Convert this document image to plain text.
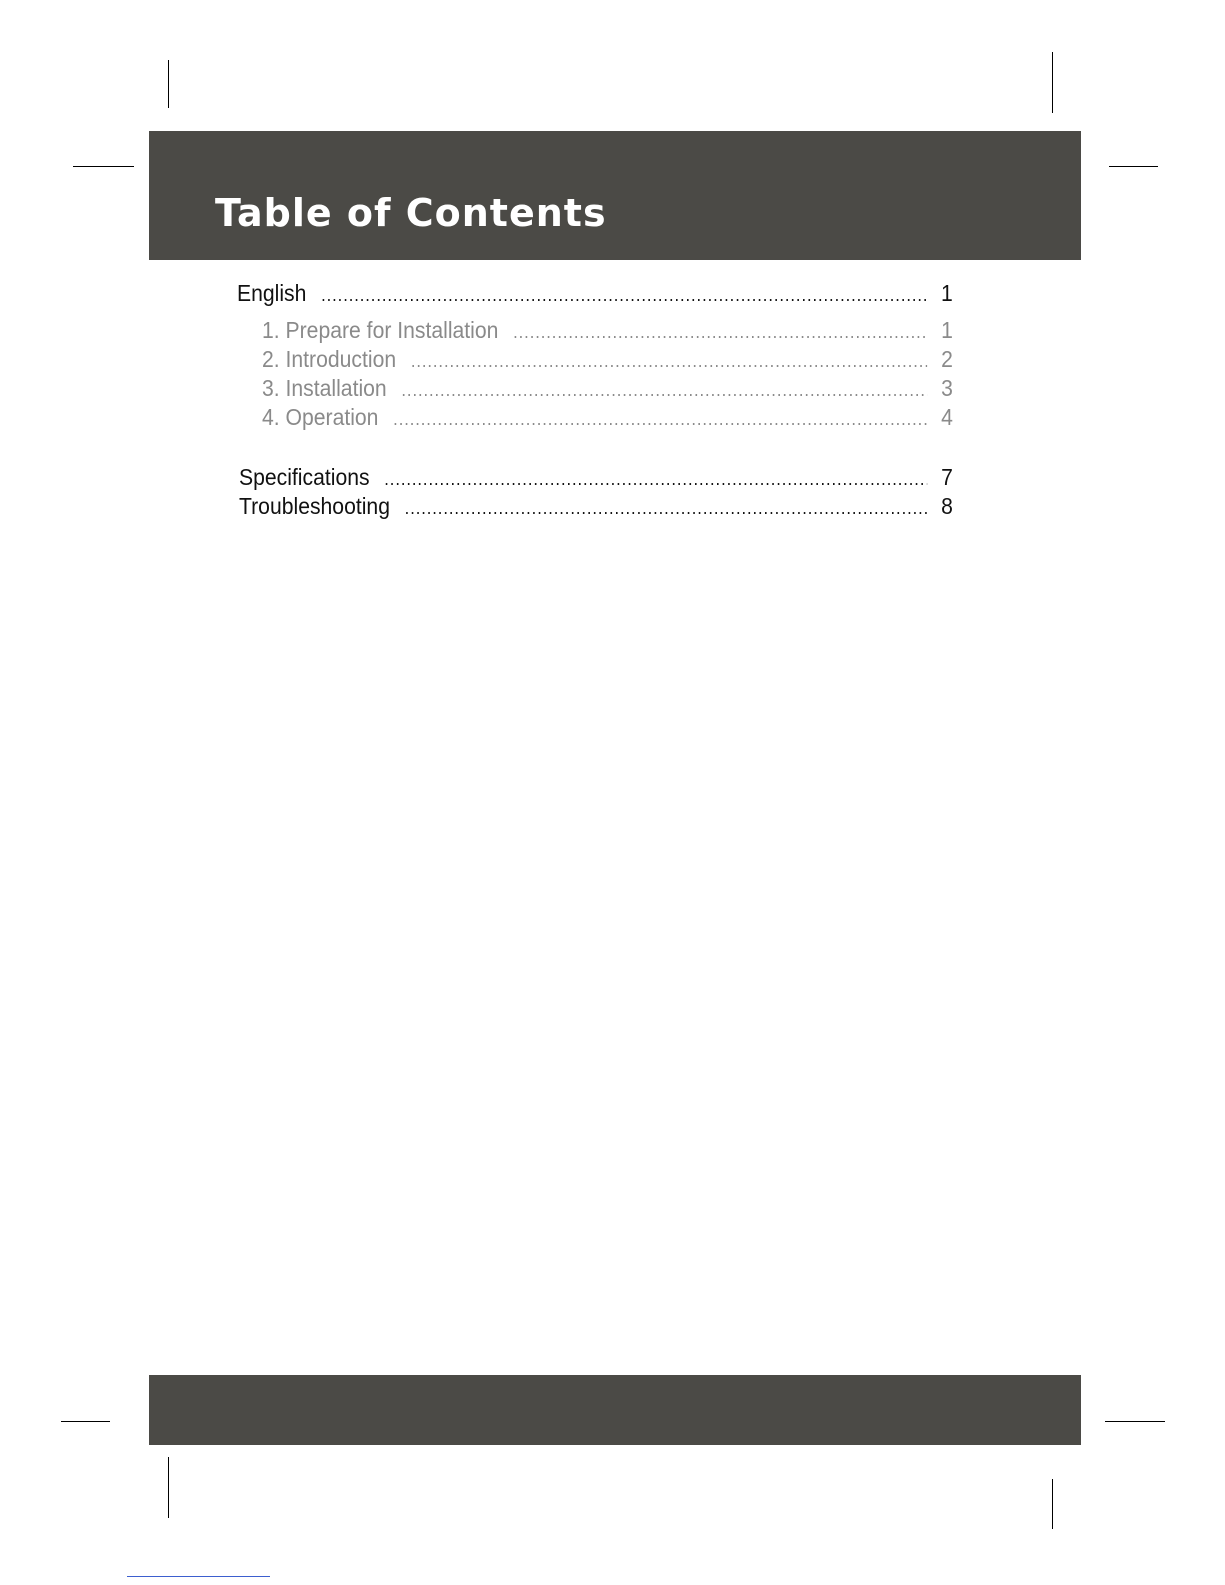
Table of Contents
English .....	1
1. Prepare for Installation .....	1
2. Introduction .....	2
3. Installation .....	3
4. Operation .....	4
Specifications .....	7
Troubleshooting .....	8
